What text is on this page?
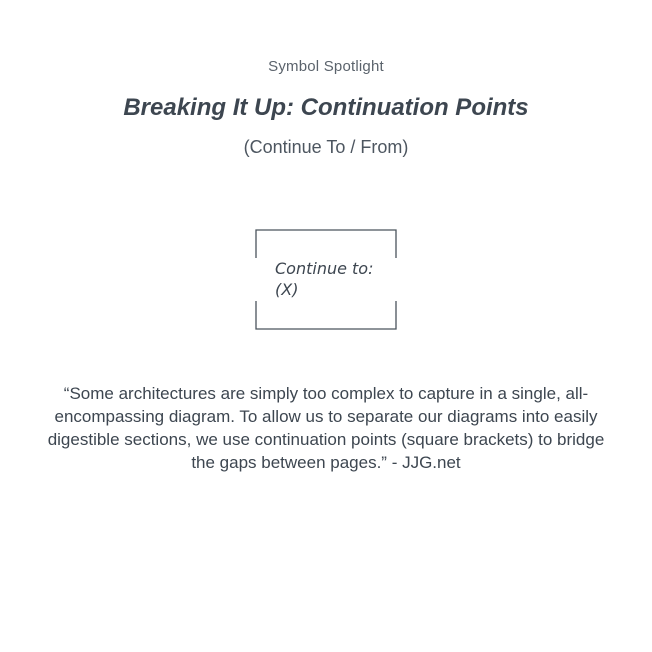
Symbol Spotlight
Breaking It Up: Continuation Points
(Continue To / From)
Continue to:
(X)
“Some architectures are simply too complex to capture in a single, all-encompassing diagram. To allow us to separate our diagrams into easily digestible sections, we use continuation points (square brackets) to bridge the gaps between pages.” - JJG.net
